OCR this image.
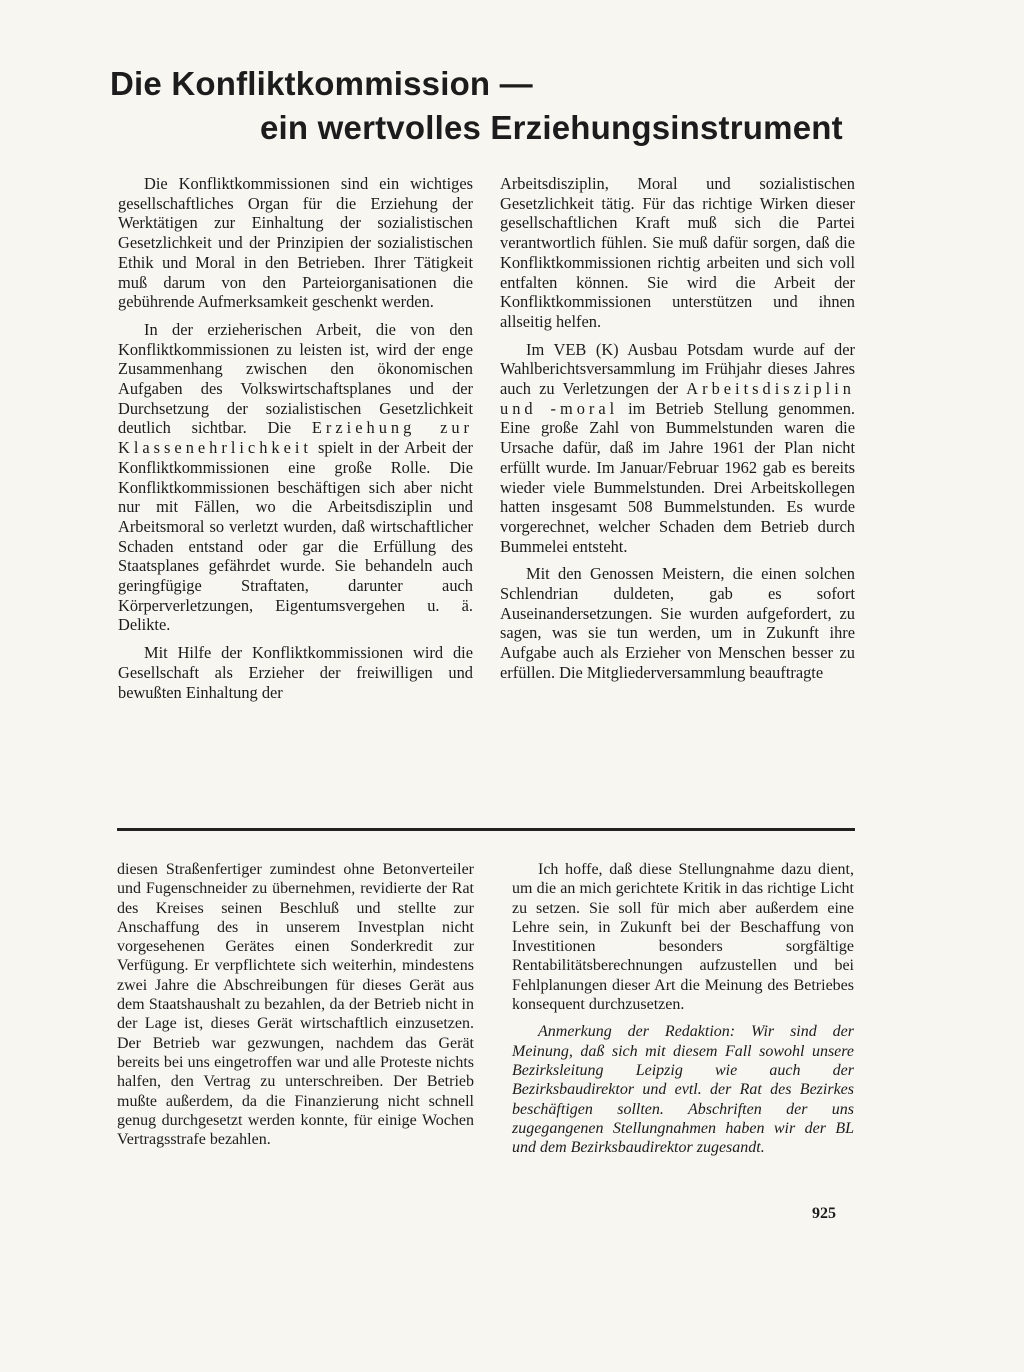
Die Konfliktkommission —
ein wertvolles Erziehungsinstrument

Die Konfliktkommissionen sind ein wichtiges gesellschaftliches Organ für die Erziehung der Werktätigen zur Einhaltung der sozialistischen Gesetzlichkeit und der Prinzipien der sozialistischen Ethik und Moral in den Betrieben. Ihrer Tätigkeit muß darum von den Parteiorganisationen die gebührende Aufmerksamkeit geschenkt werden.

In der erzieherischen Arbeit, die von den Konfliktkommissionen zu leisten ist, wird der enge Zusammenhang zwischen den ökonomischen Aufgaben des Volkswirtschaftsplanes und der Durchsetzung der sozialistischen Gesetzlichkeit deutlich sichtbar. Die Erziehung zur Klassenehrlichkeit spielt in der Arbeit der Konfliktkommissionen eine große Rolle. Die Konfliktkommissionen beschäftigen sich aber nicht nur mit Fällen, wo die Arbeitsdisziplin und Arbeitsmoral so verletzt wurden, daß wirtschaftlicher Schaden entstand oder gar die Erfüllung des Staatsplanes gefährdet wurde. Sie behandeln auch geringfügige Straftaten, darunter auch Körperverletzungen, Eigentumsvergehen u. ä. Delikte.

Mit Hilfe der Konfliktkommissionen wird die Gesellschaft als Erzieher der freiwilligen und bewußten Einhaltung der

Arbeitsdisziplin, Moral und sozialistischen Gesetzlichkeit tätig. Für das richtige Wirken dieser gesellschaftlichen Kraft muß sich die Partei verantwortlich fühlen. Sie muß dafür sorgen, daß die Konfliktkommissionen richtig arbeiten und sich voll entfalten können. Sie wird die Arbeit der Konfliktkommissionen unterstützen und ihnen allseitig helfen.

Im VEB (K) Ausbau Potsdam wurde auf der Wahlberichtsversammlung im Frühjahr dieses Jahres auch zu Verletzungen der Arbeitsdisziplin und -moral im Betrieb Stellung genommen. Eine große Zahl von Bummelstunden waren die Ursache dafür, daß im Jahre 1961 der Plan nicht erfüllt wurde. Im Januar/Februar 1962 gab es bereits wieder viele Bummelstunden. Drei Arbeitskollegen hatten insgesamt 508 Bummelstunden. Es wurde vorgerechnet, welcher Schaden dem Betrieb durch Bummelei entsteht.

Mit den Genossen Meistern, die einen solchen Schlendrian duldeten, gab es sofort Auseinandersetzungen. Sie wurden aufgefordert, zu sagen, was sie tun werden, um in Zukunft ihre Aufgabe auch als Erzieher von Menschen besser zu erfüllen. Die Mitgliederversammlung beauftragte

diesen Straßenfertiger zumindest ohne Betonverteiler und Fugenschneider zu übernehmen, revidierte der Rat des Kreises seinen Beschluß und stellte zur Anschaffung des in unserem Investplan nicht vorgesehenen Gerätes einen Sonderkredit zur Verfügung. Er verpflichtete sich weiterhin, mindestens zwei Jahre die Abschreibungen für dieses Gerät aus dem Staatshaushalt zu bezahlen, da der Betrieb nicht in der Lage ist, dieses Gerät wirtschaftlich einzusetzen. Der Betrieb war gezwungen, nachdem das Gerät bereits bei uns eingetroffen war und alle Proteste nichts halfen, den Vertrag zu unterschreiben. Der Betrieb mußte außerdem, da die Finanzierung nicht schnell genug durchgesetzt werden konnte, für einige Wochen Vertragsstrafe bezahlen.

Ich hoffe, daß diese Stellungnahme dazu dient, um die an mich gerichtete Kritik in das richtige Licht zu setzen. Sie soll für mich aber außerdem eine Lehre sein, in Zukunft bei der Beschaffung von Investitionen besonders sorgfältige Rentabilitätsberechnungen aufzustellen und bei Fehlplanungen dieser Art die Meinung des Betriebes konsequent durchzusetzen.

Anmerkung der Redaktion: Wir sind der Meinung, daß sich mit diesem Fall sowohl unsere Bezirksleitung Leipzig wie auch der Bezirksbaudirektor und evtl. der Rat des Bezirkes beschäftigen sollten. Abschriften der uns zugegangenen Stellungnahmen haben wir der BL und dem Bezirksbaudirektor zugesandt.

925
